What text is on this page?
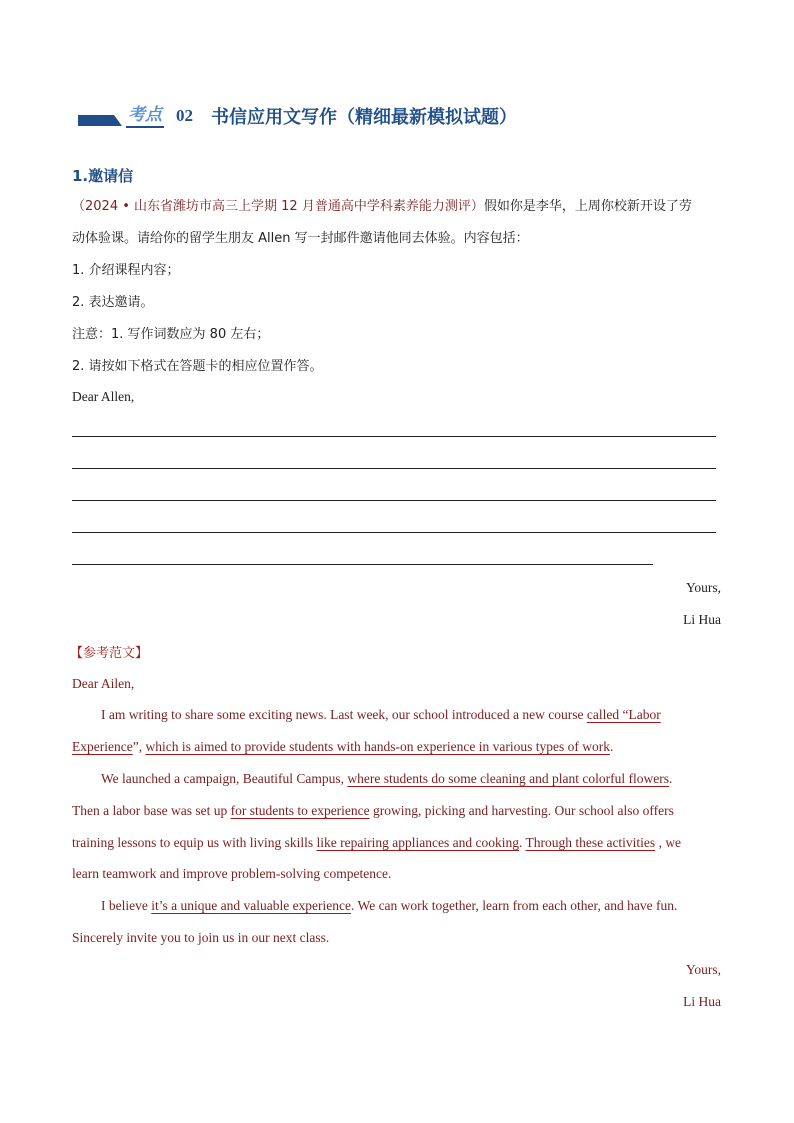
考点 02 书信应用文写作（精细最新模拟试题）
1.邀请信
（2024 • 山东省潍坊市高三上学期 12 月普通高中学科素养能力测评）假如你是李华，上周你校新开设了劳
动体验课。请给你的留学生朋友 Allen 写一封邮件邀请他同去体验。内容包括：
1. 介绍课程内容；
2. 表达邀请。
注意：1. 写作词数应为 80 左右；
2. 请按如下格式在答题卡的相应位置作答。
Dear Allen,
Yours,
Li Hua
【参考范文】
Dear Ailen,
I am writing to share some exciting news. Last week, our school introduced a new course called “Labor
Experience”, which is aimed to provide students with hands-on experience in various types of work.
We launched a campaign, Beautiful Campus, where students do some cleaning and plant colorful flowers.
Then a labor base was set up for students to experience growing, picking and harvesting. Our school also offers
training lessons to equip us with living skills like repairing appliances and cooking. Through these activities , we
learn teamwork and improve problem-solving competence.
I believe it’s a unique and valuable experience. We can work together, learn from each other, and have fun.
Sincerely invite you to join us in our next class.
Yours,
Li Hua
